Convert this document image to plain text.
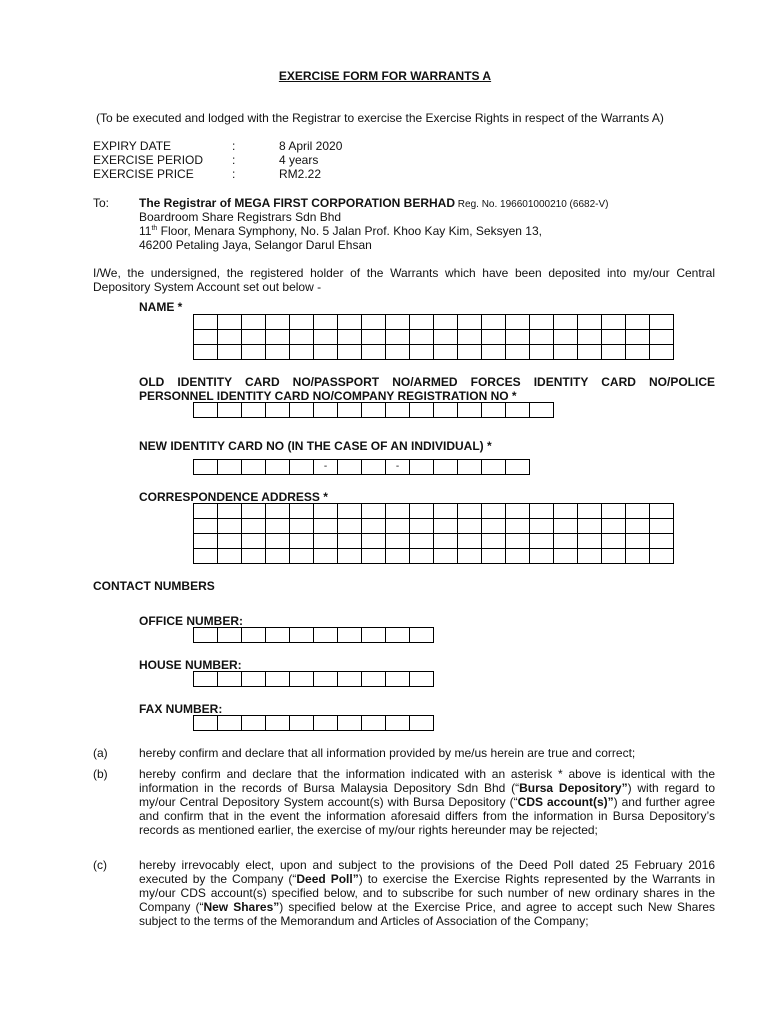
EXERCISE FORM FOR WARRANTS A
(To be executed and lodged with the Registrar to exercise the Exercise Rights in respect of the Warrants A)
EXPIRY DATE	:	8 April 2020
EXERCISE PERIOD :	4 years
EXERCISE PRICE	:	RM2.22
To: The Registrar of MEGA FIRST CORPORATION BERHAD Reg. No. 196601000210 (6682-V)
Boardroom Share Registrars Sdn Bhd
11th Floor, Menara Symphony, No. 5 Jalan Prof. Khoo Kay Kim, Seksyen 13,
46200 Petaling Jaya, Selangor Darul Ehsan
I/We, the undersigned, the registered holder of the Warrants which have been deposited into my/our Central Depository System Account set out below -
NAME *

OLD IDENTITY CARD NO/PASSPORT NO/ARMED FORCES IDENTITY CARD NO/POLICE PERSONNEL IDENTITY CARD NO/COMPANY REGISTRATION NO *

NEW IDENTITY CARD NO (IN THE CASE OF AN INDIVIDUAL) *
					-			-					
CORRESPONDENCE ADDRESS *

CONTACT NUMBERS
OFFICE NUMBER:

HOUSE NUMBER:

FAX NUMBER:

(a)	hereby confirm and declare that all information provided by me/us herein are true and correct;
(b)	hereby confirm and declare that the information indicated with an asterisk * above is identical with the information in the records of Bursa Malaysia Depository Sdn Bhd (“Bursa Depository”) with regard to my/our Central Depository System account(s) with Bursa Depository (“CDS account(s)”) and further agree and confirm that in the event the information aforesaid differs from the information in Bursa Depository’s records as mentioned earlier, the exercise of my/our rights hereunder may be rejected;
(c)	hereby irrevocably elect, upon and subject to the provisions of the Deed Poll dated 25 February 2016 executed by the Company (“Deed Poll”) to exercise the Exercise Rights represented by the Warrants in my/our CDS account(s) specified below, and to subscribe for such number of new ordinary shares in the Company (“New Shares”) specified below at the Exercise Price, and agree to accept such New Shares subject to the terms of the Memorandum and Articles of Association of the Company;
